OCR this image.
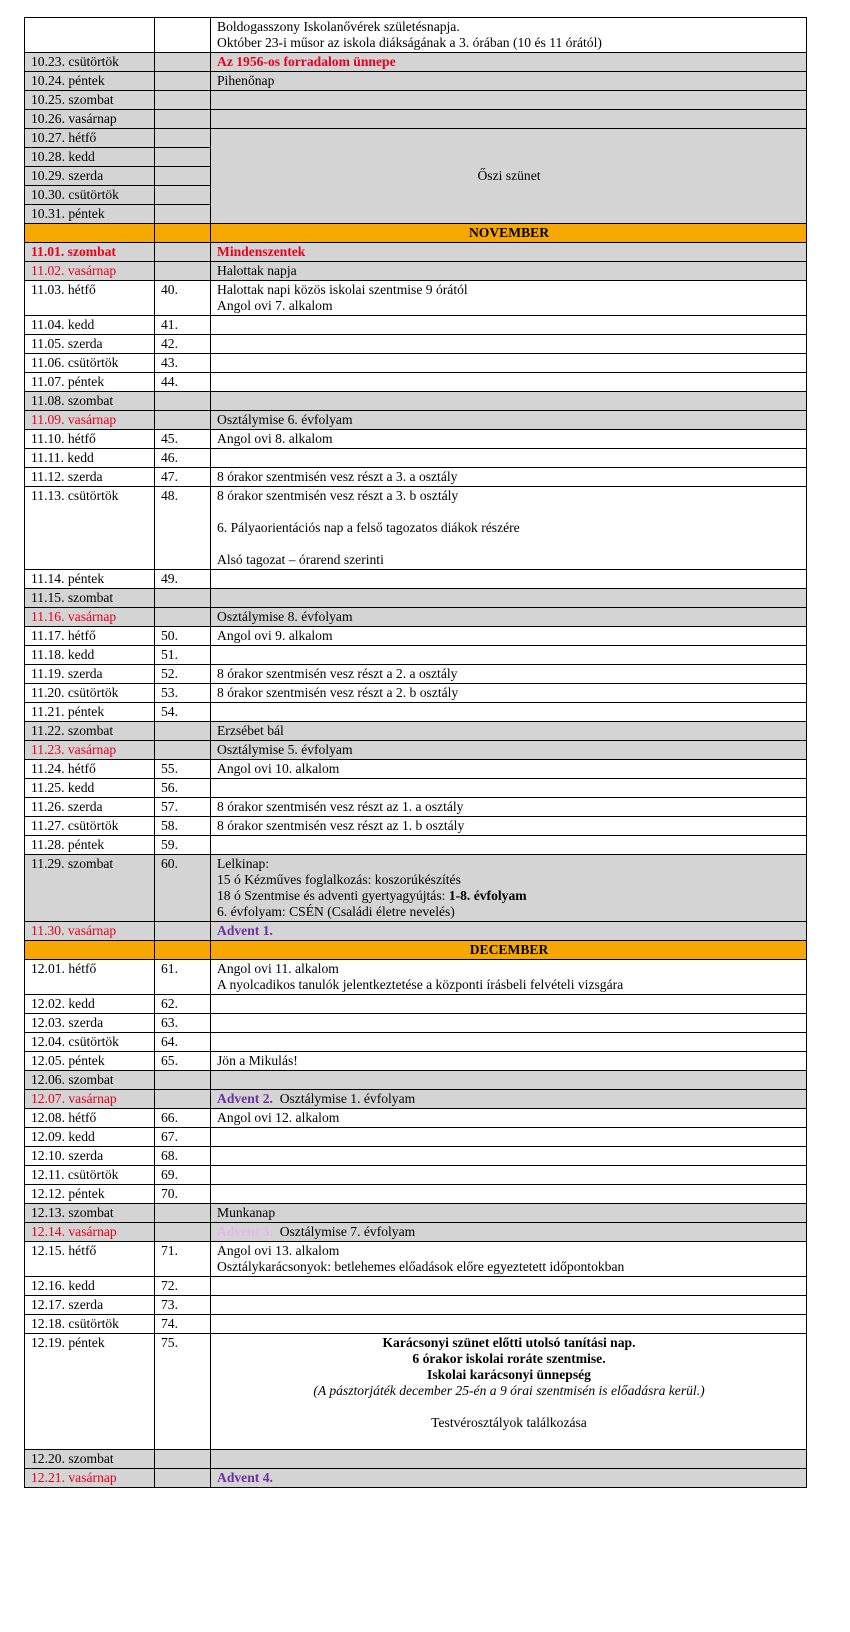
		Boldogasszony Iskolanővérek születésnapja.
Október 23-i műsor az iskola diákságának a 3. órában (10 és 11 órától)

10.23. csütörtök		Az 1956-os forradalom ünnepe
10.24. péntek		Pihenőnap
10.25. szombat		
10.26. vasárnap		
10.27. hétfő		Őszi szünet
10.28. kedd		
10.29. szerda		
10.30. csütörtök		
10.31. péntek		
		NOVEMBER
11.01. szombat		Mindenszentek
11.02. vasárnap		Halottak napja
11.03. hétfő	40.	Halottak napi közös iskolai szentmise 9 órától
Angol ovi 7. alkalom

11.04. kedd	41.	
11.05. szerda	42.	
11.06. csütörtök	43.	
11.07. péntek	44.	
11.08. szombat		
11.09. vasárnap		Osztálymise 6. évfolyam
11.10. hétfő	45.	Angol ovi 8. alkalom
11.11. kedd	46.	
11.12. szerda	47.	8 órakor szentmisén vesz részt a 3. a osztály
11.13. csütörtök	48.	8 órakor szentmisén vesz részt a 3. b osztály
6. Pályaorientációs nap a felső tagozatos diákok részére
Alsó tagozat – órarend szerinti

11.14. péntek	49.	
11.15. szombat		
11.16. vasárnap		Osztálymise 8. évfolyam
11.17. hétfő	50.	Angol ovi 9. alkalom
11.18. kedd	51.	
11.19. szerda	52.	8 órakor szentmisén vesz részt a 2. a osztály
11.20. csütörtök	53.	8 órakor szentmisén vesz részt a 2. b osztály
11.21. péntek	54.	
11.22. szombat		Erzsébet bál
11.23. vasárnap		Osztálymise 5. évfolyam
11.24. hétfő	55.	Angol ovi 10. alkalom
11.25. kedd	56.	
11.26. szerda	57.	8 órakor szentmisén vesz részt az 1. a osztály
11.27. csütörtök	58.	8 órakor szentmisén vesz részt az 1. b osztály
11.28. péntek	59.	
11.29. szombat	60.	Lelkinap:
15 ó Kézműves foglalkozás: koszorúkészítés
18 ó Szentmise és adventi gyertyagyújtás: 1-8. évfolyam
6. évfolyam: CSÉN (Családi életre nevelés)

11.30. vasárnap		Advent 1.
		DECEMBER
12.01. hétfő	61.	Angol ovi 11. alkalom
A nyolcadikos tanulók jelentkeztetése a központi írásbeli felvételi vizsgára

12.02. kedd	62.	
12.03. szerda	63.	
12.04. csütörtök	64.	
12.05. péntek	65.	Jön a Mikulás!
12.06. szombat		
12.07. vasárnap		Advent 2.  Osztálymise 1. évfolyam
12.08. hétfő	66.	Angol ovi 12. alkalom
12.09. kedd	67.	
12.10. szerda	68.	
12.11. csütörtök	69.	
12.12. péntek	70.	
12.13. szombat		Munkanap
12.14. vasárnap		Advent 3.  Osztálymise 7. évfolyam
12.15. hétfő	71.	Angol ovi 13. alkalom
Osztálykarácsonyok: betlehemes előadások előre egyeztetett időpontokban

12.16. kedd	72.	
12.17. szerda	73.	
12.18. csütörtök	74.	
12.19. péntek	75.	Karácsonyi szünet előtti utolsó tanítási nap.
6 órakor iskolai roráte szentmise.
Iskolai karácsonyi ünnepség
(A pásztorjáték december 25-én a 9 órai szentmisén is előadásra kerül.)
Testvérosztályok találkozása

12.20. szombat		
12.21. vasárnap		Advent 4.
